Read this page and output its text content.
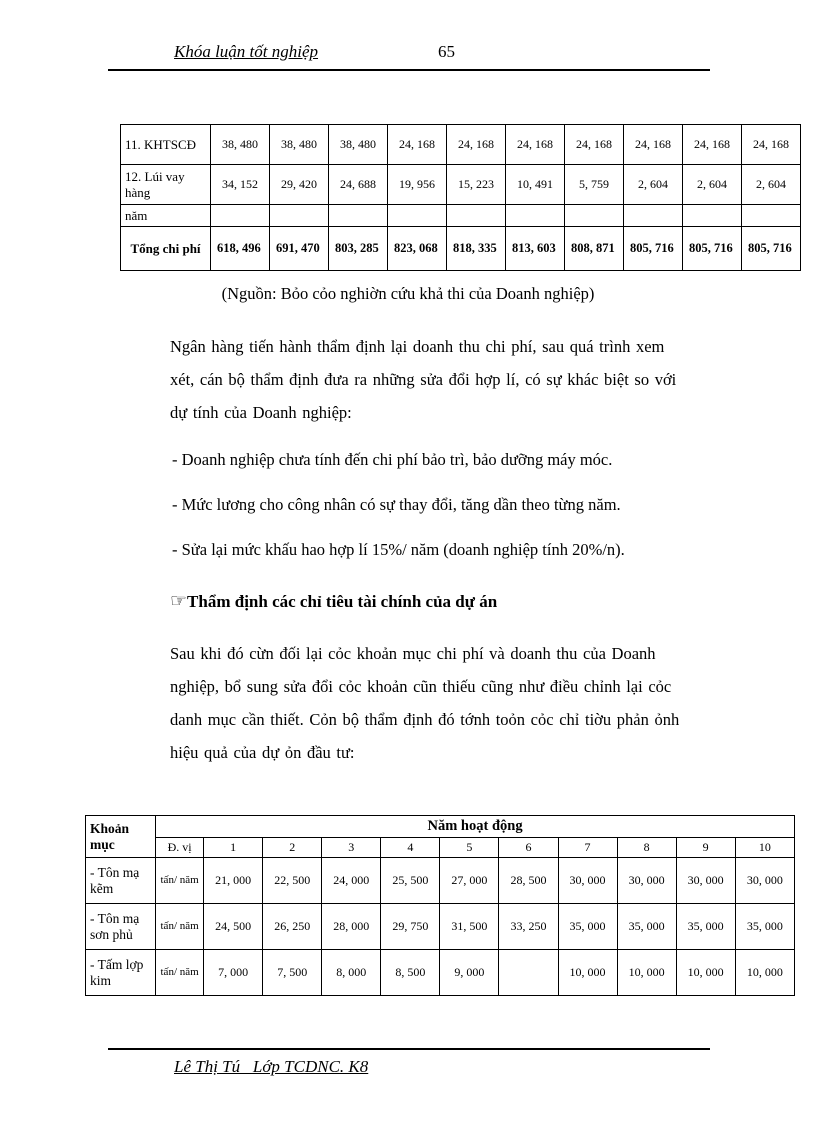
Khóa luận tốt nghiệp	65
11. KHTSCĐ	38, 480	38, 480	38, 480	24, 168	24, 168	24, 168	24, 168	24, 168	24, 168	24, 168
12. Lúi vay hàng	34, 152	29, 420	24, 688	19, 956	15, 223	10, 491	5, 759	2, 604	2, 604	2, 604
năm										
Tổng chi phí	618, 496	691, 470	803, 285	823, 068	818, 335	813, 603	808, 871	805, 716	805, 716	805, 716
(Nguồn: Bỏo cỏo nghiờn cứu khả thi của Doanh nghiệp)
Ngân hàng tiến hành thẩm định lại doanh thu chi phí, sau quá trình xem xét, cán bộ thẩm định đưa ra những sửa đổi hợp lí, có sự khác biệt so với dự tính của Doanh nghiệp:
- Doanh nghiệp chưa tính đến chi phí bảo trì, bảo dưỡng máy móc.
- Mức lương cho công nhân có sự thay đổi, tăng dần theo từng năm.
- Sửa lại mức khấu hao hợp lí 15%/ năm (doanh nghiệp tính 20%/n).
☞Thẩm định các chỉ tiêu tài chính của dự án
Sau khi đó cừn đối lại cỏc khoản mục chi phí và doanh thu của Doanh nghiệp, bổ sung sửa đổi cỏc khoản cũn thiếu cũng như điều chỉnh lại cỏc danh mục cần thiết. Cỏn bộ thẩm định đó tớnh toỏn cỏc chỉ tiờu phản ỏnh hiệu quả của dự ỏn đầu tư:
Khoản mục	Năm hoạt động										
	Đ. vị	1	2	3	4	5	6	7	8	9	10
- Tôn mạ kẽm	tấn/ năm	21, 000	22, 500	24, 000	25, 500	27, 000	28, 500	30, 000	30, 000	30, 000	30, 000
- Tôn mạ sơn phủ	tấn/ năm	24, 500	26, 250	28, 000	29, 750	31, 500	33, 250	35, 000	35, 000	35, 000	35, 000
- Tấm lợp kim	tấn/ năm	7, 000	7, 500	8, 000	8, 500	9, 000		10, 000	10, 000	10, 000	10, 000
Lê Thị Tú_ Lớp TCDNC. K8
